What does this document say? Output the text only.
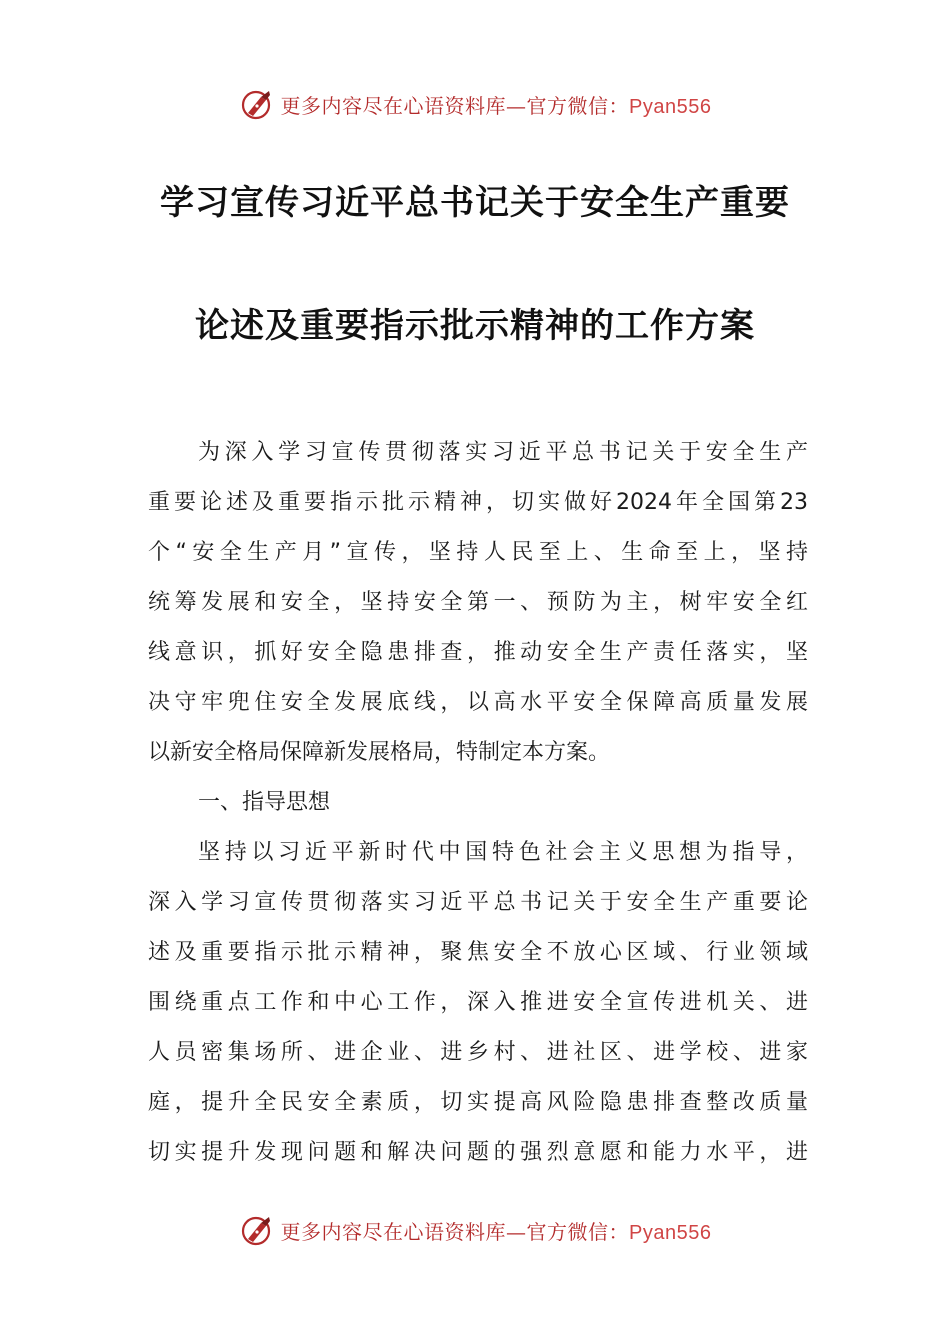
更多内容尽在心语资料库—官方微信：Pyan556
学习宣传习近平总书记关于安全生产重要
论述及重要指示批示精神的工作方案

为深入学习宣传贯彻落实习近平总书记关于安全生产
重要论述及重要指示批示精神，切实做好2024年全国第23
个“安全生产月”宣传，坚持人民至上、生命至上，坚持
统筹发展和安全，坚持安全第一、预防为主，树牢安全红
线意识，抓好安全隐患排查，推动安全生产责任落实，坚
决守牢兜住安全发展底线，以高水平安全保障高质量发展
以新安全格局保障新发展格局，特制定本方案。

一、指导思想

坚持以习近平新时代中国特色社会主义思想为指导，
深入学习宣传贯彻落实习近平总书记关于安全生产重要论
述及重要指示批示精神，聚焦安全不放心区域、行业领域
围绕重点工作和中心工作，深入推进安全宣传进机关、进
人员密集场所、进企业、进乡村、进社区、进学校、进家
庭，提升全民安全素质，切实提高风险隐患排查整改质量
切实提升发现问题和解决问题的强烈意愿和能力水平，进

更多内容尽在心语资料库—官方微信：Pyan556
